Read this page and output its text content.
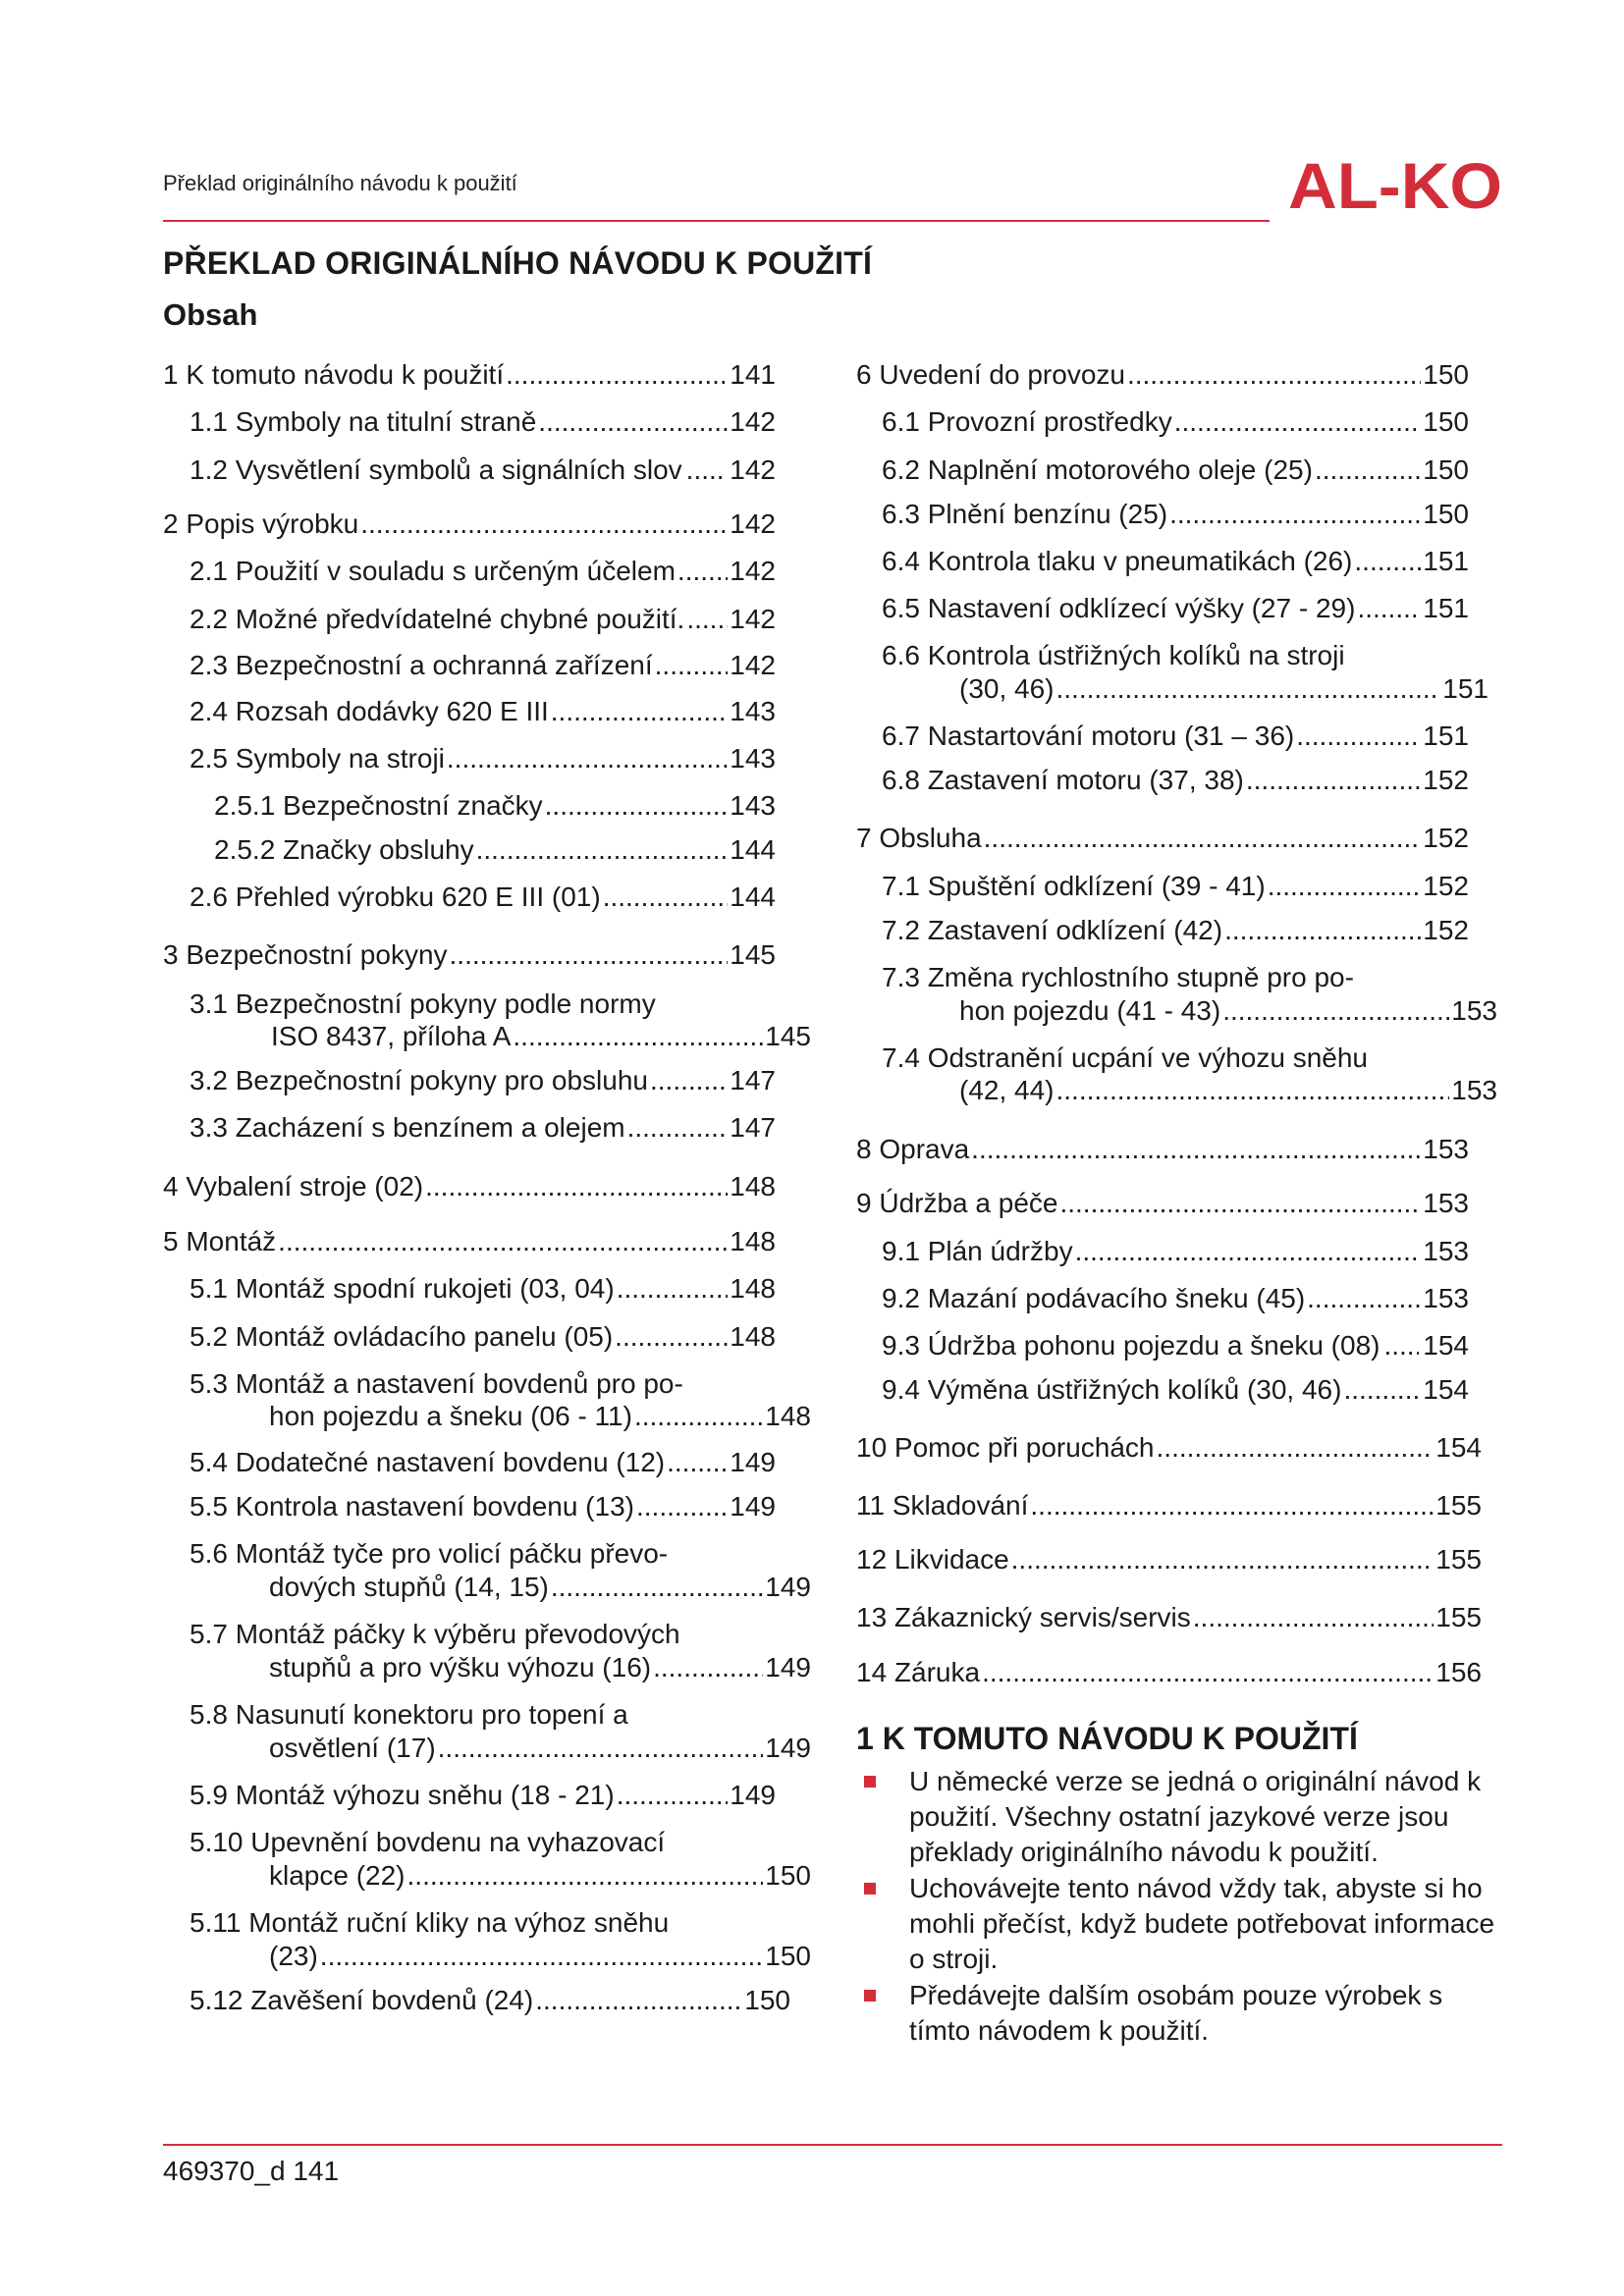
Překlad originálního návodu k použití	AL-KO
PŘEKLAD ORIGINÁLNÍHO NÁVODU K POUŽITÍ
Obsah
1 K tomuto návodu k použití .....	141
1.1 Symboly na titulní straně .....	142
1.2 Vysvětlení symbolů a signálních slov ..... 142
2 Popis výrobku .....	142
2.1 Použití v souladu s určeným účelem ..... 142
2.2 Možné předvídatelné chybné použití. ..... 142
2.3 Bezpečnostní a ochranná zařízení .....	142
2.4 Rozsah dodávky 620 E III .....	143
2.5 Symboly na stroji .....	143
2.5.1 Bezpečnostní značky .....	143
2.5.2 Značky obsluhy .....	144
2.6 Přehled výrobku 620 E III (01) .....	144
3 Bezpečnostní pokyny .....	145
3.1 Bezpečnostní pokyny podle normy
ISO 8437, příloha A .....	145
3.2 Bezpečnostní pokyny pro obsluhu .....	147
3.3 Zacházení s benzínem a olejem .....	147
4 Vybalení stroje (02) .....	148
5 Montáž .....	148
5.1 Montáž spodní rukojeti (03, 04) .....	148
5.2 Montáž ovládacího panelu (05) .....	148
5.3 Montáž a nastavení bovdenů pro po-
hon pojezdu a šneku (06 - 11) .....	148
5.4 Dodatečné nastavení bovdenu (12) ..... 149
5.5 Kontrola nastavení bovdenu (13) .....	149
5.6 Montáž tyče pro volicí páčku převo-
dových stupňů (14, 15) .....	149
5.7 Montáž páčky k výběru převodových
stupňů a pro výšku výhozu (16) .....	149
5.8 Nasunutí konektoru pro topení a
osvětlení (17) .....	149
5.9 Montáž výhozu sněhu (18 - 21) .....	149
5.10 Upevnění bovdenu na vyhazovací
klapce (22) .....	150
5.11 Montáž ruční kliky na výhoz sněhu
(23) .....	150
5.12 Zavěšení bovdenů (24) .....	150
6 Uvedení do provozu .....	150
6.1 Provozní prostředky .....	150
6.2 Naplnění motorového oleje (25) .....	150
6.3 Plnění benzínu (25) .....	150
6.4 Kontrola tlaku v pneumatikách (26) .....	151
6.5 Nastavení odklízecí výšky (27 - 29) ..... 151
6.6 Kontrola ústřižných kolíků na stroji
(30, 46) .....	151
6.7 Nastartování motoru (31 – 36) .....	151
6.8 Zastavení motoru (37, 38) .....	152
7 Obsluha .....	152
7.1 Spuštění odklízení (39 - 41) .....	152
7.2 Zastavení odklízení (42) .....	152
7.3 Změna rychlostního stupně pro po-
hon pojezdu (41 - 43) .....	153
7.4 Odstranění ucpání ve výhozu sněhu
(42, 44) .....	153
8 Oprava .....	153
9 Údržba a péče .....	153
9.1 Plán údržby .....	153
9.2 Mazání podávacího šneku (45) .....	153
9.3 Údržba pohonu pojezdu a šneku (08) ..... 154
9.4 Výměna ústřižných kolíků (30, 46) .....	154
10 Pomoc při poruchách .....	154
11 Skladování .....	155
12 Likvidace .....	155
13 Zákaznický servis/servis .....	155
14 Záruka .....	156
1 K TOMUTO NÁVODU K POUŽITÍ
U německé verze se jedná o originální návod k použití. Všechny ostatní jazykové verze jsou překlady originálního návodu k použití.
Uchovávejte tento návod vždy tak, abyste si ho mohli přečíst, když budete potřebovat informace o stroji.
Předávejte dalším osobám pouze výrobek s tímto návodem k použití.
469370_d 141
